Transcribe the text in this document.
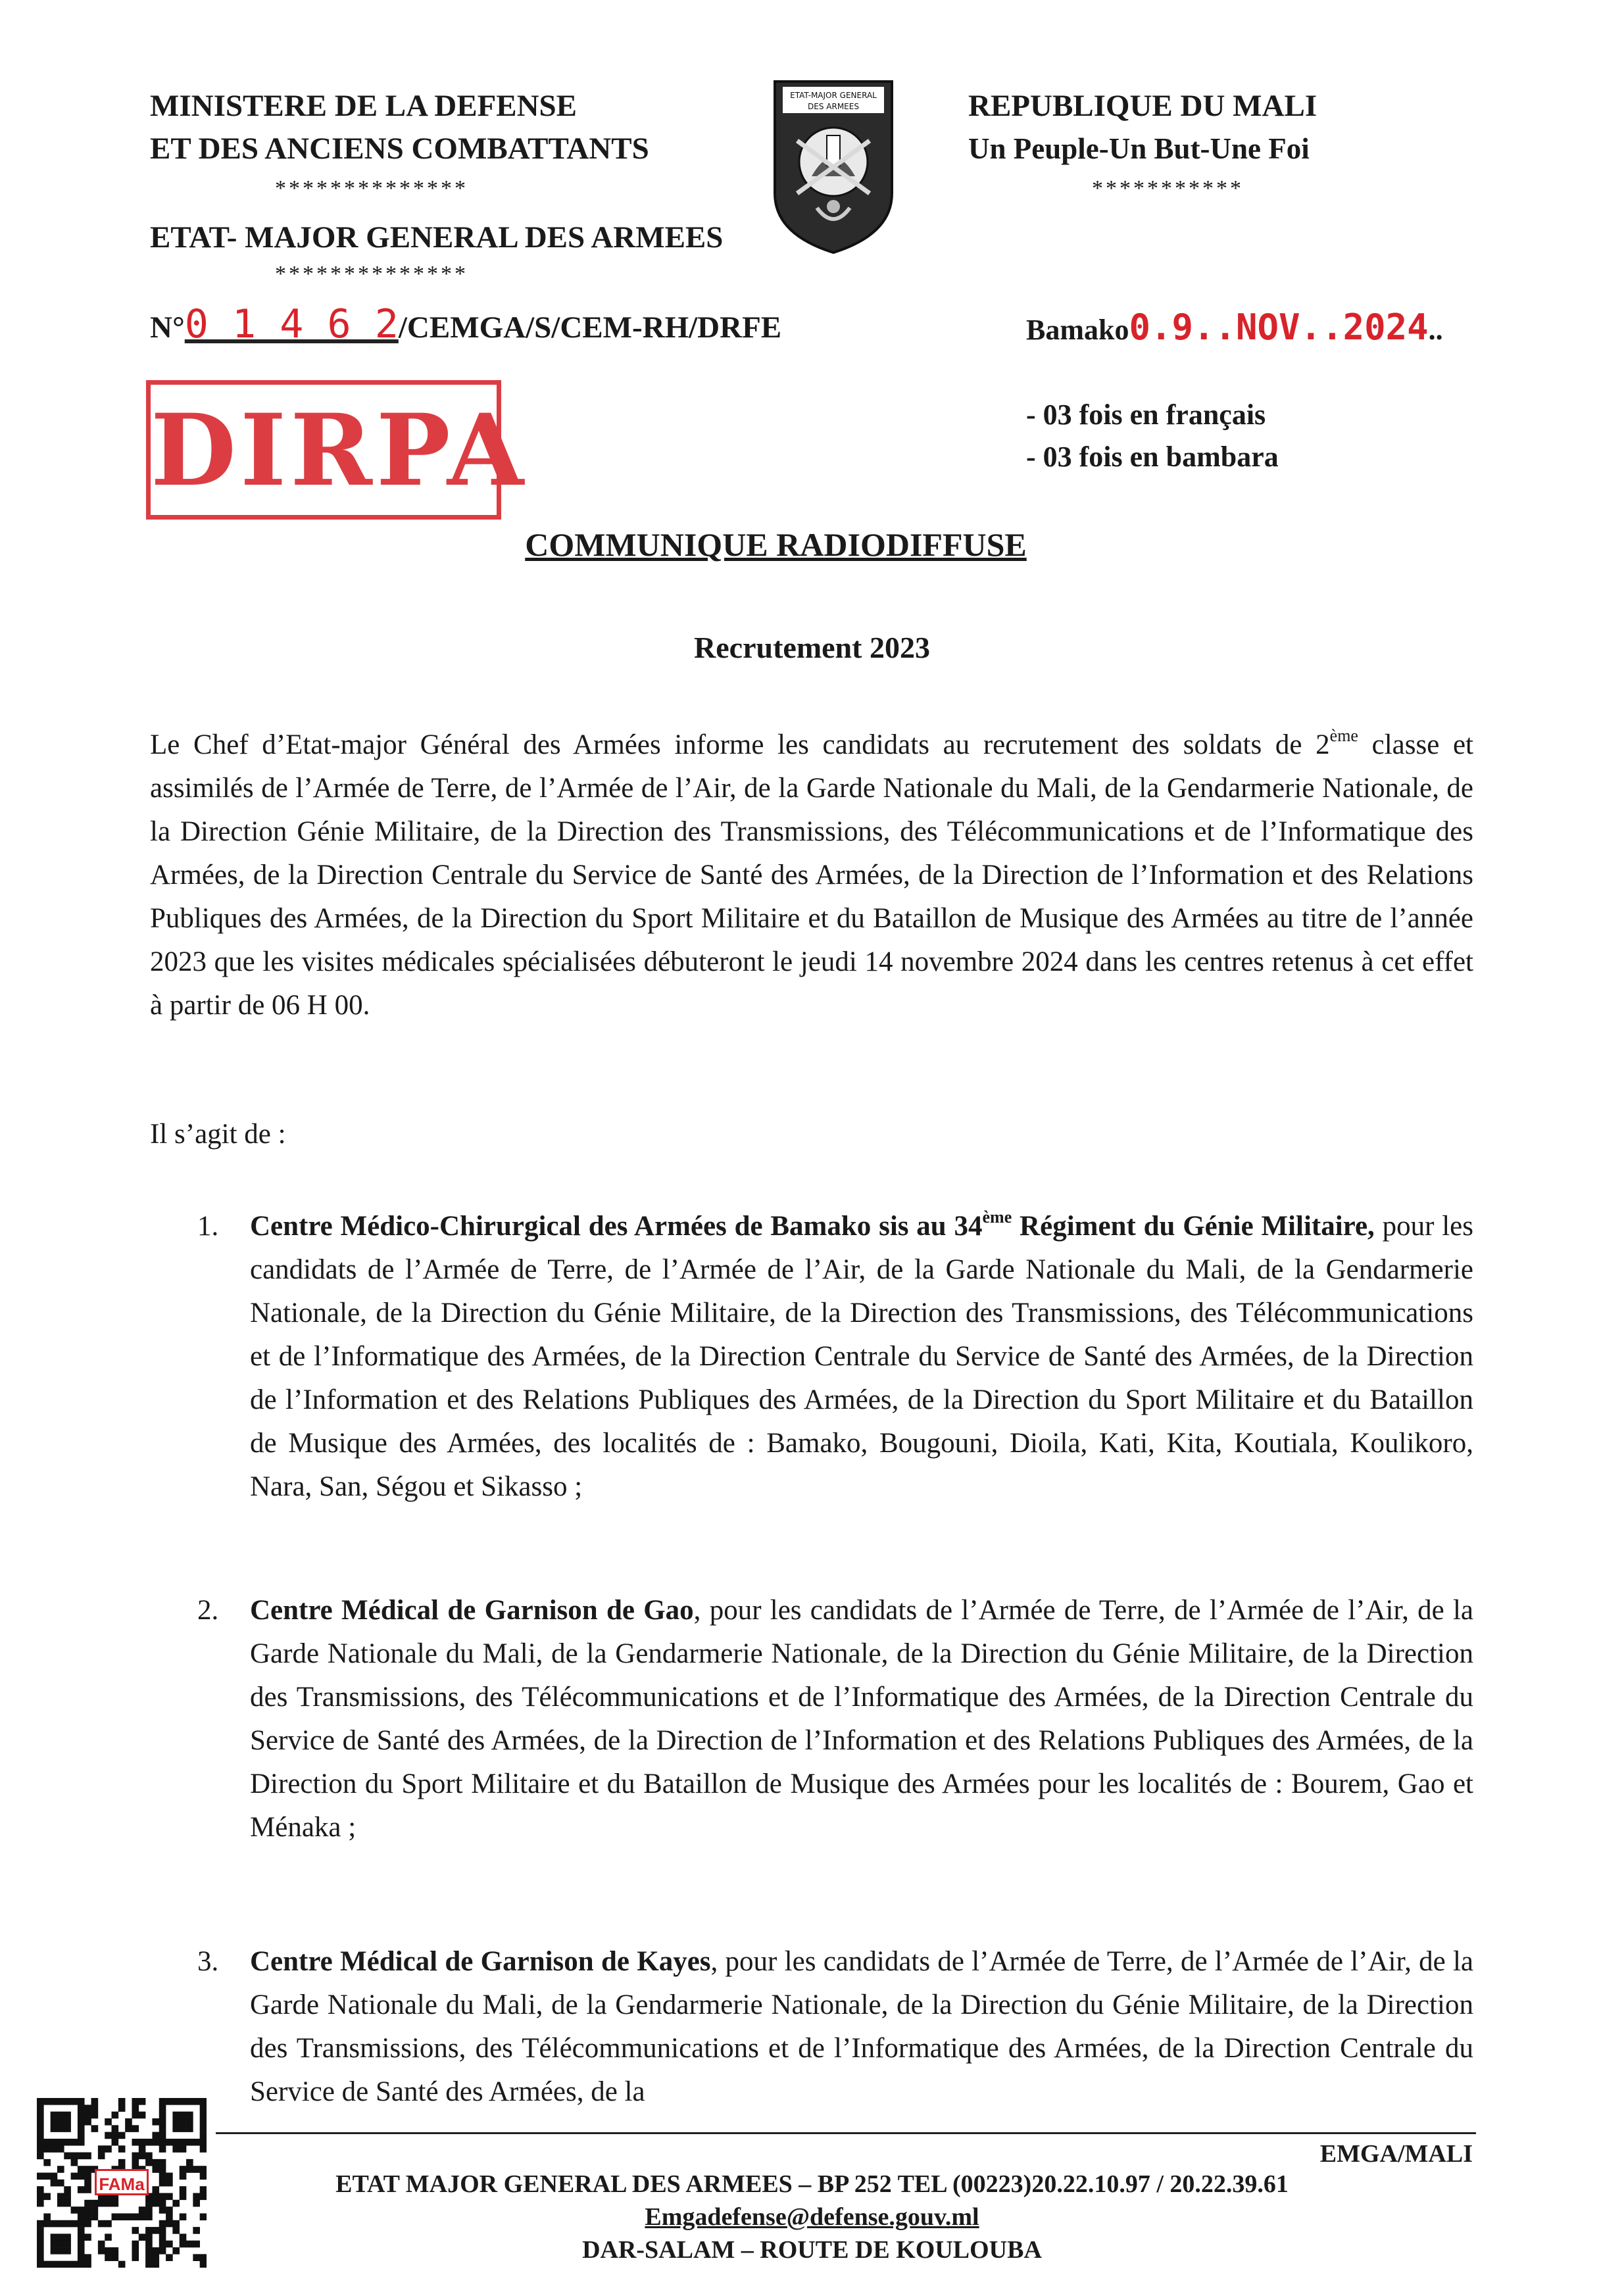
MINISTERE DE LA DEFENSE
ET DES ANCIENS COMBATTANTS
**************
ETAT- MAJOR GENERAL DES ARMEES
**************
N°0 1 4 6 2/CEMGA/S/CEM-RH/DRFE
ETAT-MAJOR GENERAL
DES ARMEES	REPUBLIQUE DU MALI
Un Peuple-Un But-Une Foi
***********
Bamako0.9..NOV..2024..
DIRPA	- 03 fois en français
- 03 fois en bambara
COMMUNIQUE RADIODIFFUSE
Recrutement 2023
Le Chef d’Etat-major Général des Armées informe les candidats au recrutement des soldats de 2ème classe et assimilés de l’Armée de Terre, de l’Armée de l’Air, de la Garde Nationale du Mali, de la Gendarmerie Nationale, de la Direction Génie Militaire, de la Direction des Transmissions, des Télécommunications et de l’Informatique des Armées, de la Direction Centrale du Service de Santé des Armées, de la Direction de l’Information et des Relations Publiques des Armées, de la Direction du Sport Militaire et du Bataillon de Musique des Armées au titre de l’année 2023 que les visites médicales spécialisées débuteront le jeudi 14 novembre 2024 dans les centres retenus à cet effet à partir de 06 H 00.
Il s’agit de :
1. Centre Médico-Chirurgical des Armées de Bamako sis au 34ème Régiment du Génie Militaire, pour les candidats de l’Armée de Terre, de l’Armée de l’Air, de la Garde Nationale du Mali, de la Gendarmerie Nationale, de la Direction du Génie Militaire, de la Direction des Transmissions, des Télécommunications et de l’Informatique des Armées, de la Direction Centrale du Service de Santé des Armées, de la Direction de l’Information et des Relations Publiques des Armées, de la Direction du Sport Militaire et du Bataillon de Musique des Armées, des localités de : Bamako, Bougouni, Dioila, Kati, Kita, Koutiala, Koulikoro, Nara, San, Ségou et Sikasso ;
2. Centre Médical de Garnison de Gao, pour les candidats de l’Armée de Terre, de l’Armée de l’Air, de la Garde Nationale du Mali, de la Gendarmerie Nationale, de la Direction du Génie Militaire, de la Direction des Transmissions, des Télécommunications et de l’Informatique des Armées, de la Direction Centrale du Service de Santé des Armées, de la Direction de l’Information et des Relations Publiques des Armées, de la Direction du Sport Militaire et du Bataillon de Musique des Armées pour les localités de : Bourem, Gao et Ménaka ;
3. Centre Médical de Garnison de Kayes, pour les candidats de l’Armée de Terre, de l’Armée de l’Air, de la Garde Nationale du Mali, de la Gendarmerie Nationale, de la Direction du Génie Militaire, de la Direction des Transmissions, des Télécommunications et de l’Informatique des Armées, de la Direction Centrale du Service de Santé des Armées, de la
FAMa
EMGA/MALI
ETAT MAJOR GENERAL DES ARMEES – BP 252 TEL (00223)20.22.10.97 / 20.22.39.61
Emgadefense@defense.gouv.ml
DAR-SALAM – ROUTE DE KOULOUBA
